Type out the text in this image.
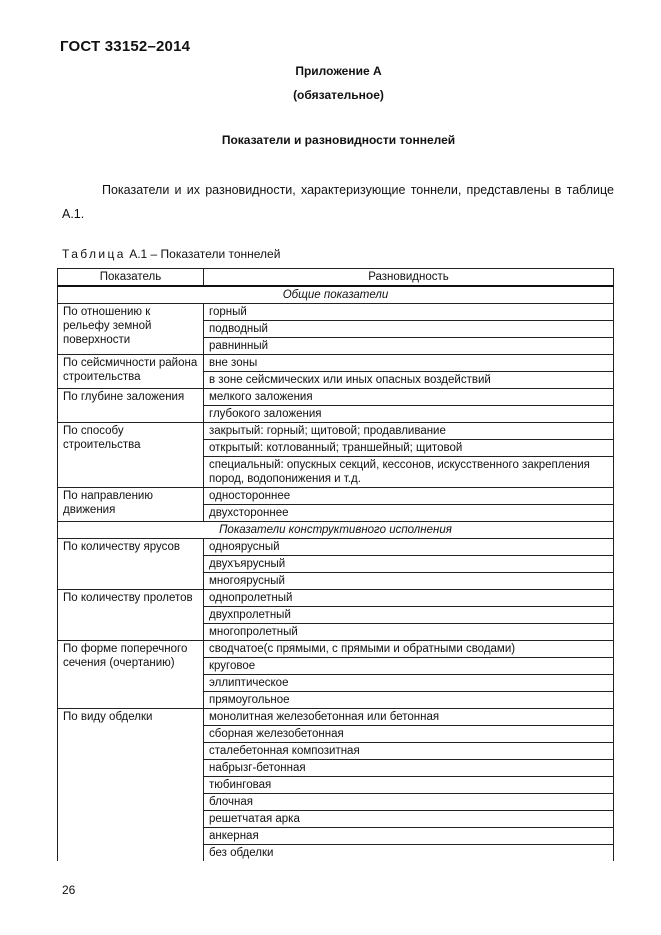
ГОСТ 33152–2014
Приложение А
(обязательное)
Показатели и разновидности тоннелей
Показатели и их разновидности, характеризующие тоннели, представлены в таблице А.1.
Таблица А.1 – Показатели тоннелей
Показатель	Разновидность
Общие показатели	
По отношению к рельефу земной поверхности	горный
	подводный
	равнинный
По сейсмичности района строительства	вне зоны
	в зоне сейсмических или иных опасных воздействий
По глубине заложения	мелкого заложения
	глубокого заложения
По способу строительства	закрытый: горный; щитовой; продавливание
	открытый: котлованный; траншейный; щитовой
	специальный: опускных секций, кессонов, искусственного закрепления пород, водопонижения и т.д.
По направлению движения	одностороннее
	двухстороннее
Показатели конструктивного исполнения	
По количеству ярусов	одноярусный
	двухъярусный
	многоярусный
По количеству пролетов	однопролетный
	двухпролетный
	многопролетный
По форме поперечного сечения (очертанию)	сводчатое(с прямыми, с прямыми и обратными сводами)
	круговое
	эллиптическое
	прямоугольное
По виду обделки	монолитная железобетонная или бетонная
	сборная железобетонная
	сталебетонная композитная
	набрызг-бетонная
	тюбинговая
	блочная
	решетчатая арка
	анкерная
	без обделки
26
